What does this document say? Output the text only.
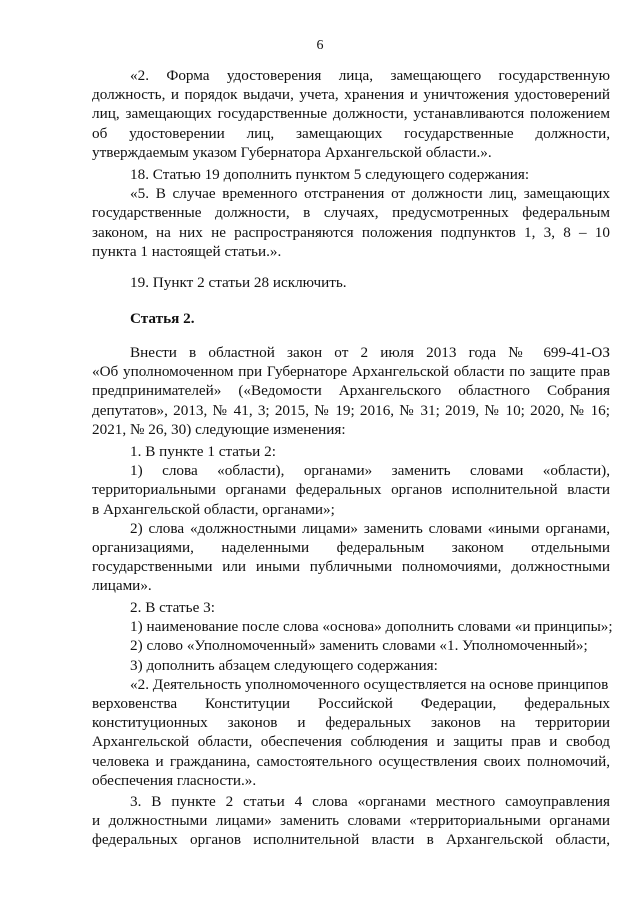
6
«2. Форма удостоверения лица, замещающего государственную
должность, и порядок выдачи, учета, хранения и уничтожения удостоверений
лиц, замещающих государственные должности, устанавливаются положением
об удостоверении лиц, замещающих государственные должности,
утверждаемым указом Губернатора Архангельской области.».
18. Статью 19 дополнить пунктом 5 следующего содержания:
«5. В случае временного отстранения от должности лиц, замещающих
государственные должности, в случаях, предусмотренных федеральным
законом, на них не распространяются положения подпунктов 1, 3, 8 – 10
пункта 1 настоящей статьи.».
19. Пункт 2 статьи 28 исключить.
Статья 2.
Внести в областной закон от 2 июля 2013 года № 699-41-ОЗ
«Об уполномоченном при Губернаторе Архангельской области по защите прав
предпринимателей» («Ведомости Архангельского областного Собрания
депутатов», 2013, № 41, 3; 2015, № 19; 2016, № 31; 2019, № 10; 2020, № 16;
2021, № 26, 30) следующие изменения:
1. В пункте 1 статьи 2:
1) слова «области), органами» заменить словами «области),
территориальными органами федеральных органов исполнительной власти
в Архангельской области, органами»;
2) слова «должностными лицами» заменить словами «иными органами,
организациями, наделенными федеральным законом отдельными
государственными или иными публичными полномочиями, должностными
лицами».
2. В статье 3:
1) наименование после слова «основа» дополнить словами «и принципы»;
2) слово «Уполномоченный» заменить словами «1. Уполномоченный»;
3) дополнить абзацем следующего содержания:
«2. Деятельность уполномоченного осуществляется на основе принципов
верховенства Конституции Российской Федерации, федеральных
конституционных законов и федеральных законов на территории
Архангельской области, обеспечения соблюдения и защиты прав и свобод
человека и гражданина, самостоятельного осуществления своих полномочий,
обеспечения гласности.».
3. В пункте 2 статьи 4 слова «органами местного самоуправления
и должностными лицами» заменить словами «территориальными органами
федеральных органов исполнительной власти в Архангельской области,
